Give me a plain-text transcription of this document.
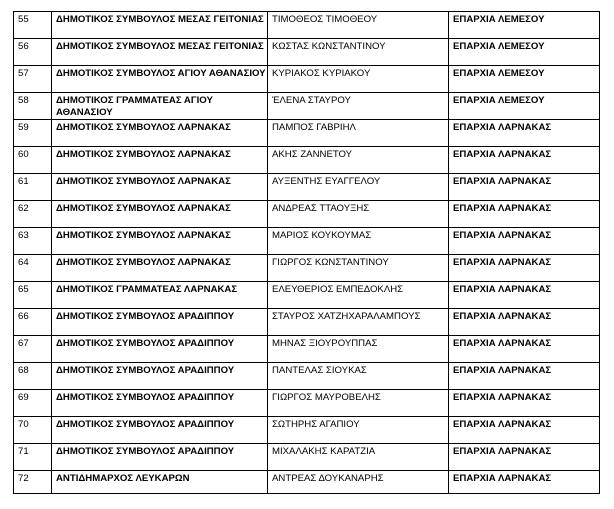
55	ΔΗΜΟΤΙΚΟΣ ΣΥΜΒΟΥΛΟΣ ΜΕΣΑΣ ΓΕΙΤΟΝΙΑΣ	ΤΙΜΟΘΕΟΣ ΤΙΜΟΘΕΟΥ	ΕΠΑΡΧΙΑ ΛΕΜΕΣΟΥ

56	ΔΗΜΟΤΙΚΟΣ ΣΥΜΒΟΥΛΟΣ ΜΕΣΑΣ ΓΕΙΤΟΝΙΑΣ	ΚΩΣΤΑΣ ΚΩΝΣΤΑΝΤΙΝΟΥ	ΕΠΑΡΧΙΑ ΛΕΜΕΣΟΥ

57	ΔΗΜΟΤΙΚΟΣ ΣΥΜΒΟΥΛΟΣ ΑΓΙΟΥ ΑΘΑΝΑΣΙΟΥ	ΚΥΡΙΑΚΟΣ ΚΥΡΙΑΚΟΥ	ΕΠΑΡΧΙΑ ΛΕΜΕΣΟΥ

58	ΔΗΜΟΤΙΚΟΣ ΓΡΑΜΜΑΤΕΑΣ ΑΓΙΟΥ ΑΘΑΝΑΣΙΟΥ	ΈΛΕΝΑ ΣΤΑΥΡΟΥ	ΕΠΑΡΧΙΑ ΛΕΜΕΣΟΥ

59	ΔΗΜΟΤΙΚΟΣ ΣΥΜΒΟΥΛΟΣ ΛΑΡΝΑΚΑΣ	ΠΑΜΠΟΣ ΓΑΒΡΙΗΛ	ΕΠΑΡΧΙΑ ΛΑΡΝΑΚΑΣ

60	ΔΗΜΟΤΙΚΟΣ ΣΥΜΒΟΥΛΟΣ ΛΑΡΝΑΚΑΣ	ΑΚΗΣ ΖΑΝΝΕΤΟΥ	ΕΠΑΡΧΙΑ ΛΑΡΝΑΚΑΣ

61	ΔΗΜΟΤΙΚΟΣ ΣΥΜΒΟΥΛΟΣ ΛΑΡΝΑΚΑΣ	ΑΥΞΕΝΤΗΣ ΕΥΑΓΓΕΛΟΥ	ΕΠΑΡΧΙΑ ΛΑΡΝΑΚΑΣ

62	ΔΗΜΟΤΙΚΟΣ ΣΥΜΒΟΥΛΟΣ ΛΑΡΝΑΚΑΣ	ΑΝΔΡΕΑΣ ΤΤΑΟΥΞΗΣ	ΕΠΑΡΧΙΑ ΛΑΡΝΑΚΑΣ

63	ΔΗΜΟΤΙΚΟΣ ΣΥΜΒΟΥΛΟΣ ΛΑΡΝΑΚΑΣ	ΜΑΡΙΟΣ ΚΟΥΚΟΥΜΑΣ	ΕΠΑΡΧΙΑ ΛΑΡΝΑΚΑΣ

64	ΔΗΜΟΤΙΚΟΣ ΣΥΜΒΟΥΛΟΣ ΛΑΡΝΑΚΑΣ	ΓΙΩΡΓΟΣ ΚΩΝΣΤΑΝΤΙΝΟΥ	ΕΠΑΡΧΙΑ ΛΑΡΝΑΚΑΣ

65	ΔΗΜΟΤΙΚΟΣ ΓΡΑΜΜΑΤΕΑΣ ΛΑΡΝΑΚΑΣ	ΕΛΕΥΘΕΡΙΟΣ ΕΜΠΕΔΟΚΛΗΣ	ΕΠΑΡΧΙΑ ΛΑΡΝΑΚΑΣ

66	ΔΗΜΟΤΙΚΟΣ ΣΥΜΒΟΥΛΟΣ ΑΡΑΔΙΠΠΟΥ	ΣΤΑΥΡΟΣ ΧΑΤΖΗΧΑΡΑΛΑΜΠΟΥΣ	ΕΠΑΡΧΙΑ ΛΑΡΝΑΚΑΣ

67	ΔΗΜΟΤΙΚΟΣ ΣΥΜΒΟΥΛΟΣ ΑΡΑΔΙΠΠΟΥ	ΜΗΝΑΣ ΞΙΟΥΡΟΥΠΠΑΣ	ΕΠΑΡΧΙΑ ΛΑΡΝΑΚΑΣ

68	ΔΗΜΟΤΙΚΟΣ ΣΥΜΒΟΥΛΟΣ ΑΡΑΔΙΠΠΟΥ	ΠΑΝΤΕΛΑΣ ΣΙΟΥΚΑΣ	ΕΠΑΡΧΙΑ ΛΑΡΝΑΚΑΣ

69	ΔΗΜΟΤΙΚΟΣ ΣΥΜΒΟΥΛΟΣ ΑΡΑΔΙΠΠΟΥ	ΓΙΩΡΓΟΣ ΜΑΥΡΟΒΕΛΗΣ	ΕΠΑΡΧΙΑ ΛΑΡΝΑΚΑΣ

70	ΔΗΜΟΤΙΚΟΣ ΣΥΜΒΟΥΛΟΣ ΑΡΑΔΙΠΠΟΥ	ΣΩΤΗΡΗΣ ΑΓΑΠΙΟΥ	ΕΠΑΡΧΙΑ ΛΑΡΝΑΚΑΣ

71	ΔΗΜΟΤΙΚΟΣ ΣΥΜΒΟΥΛΟΣ ΑΡΑΔΙΠΠΟΥ	ΜΙΧΑΛΑΚΗΣ ΚΑΡΑΤΖΙΑ	ΕΠΑΡΧΙΑ ΛΑΡΝΑΚΑΣ

72	ΑΝΤΙΔΗΜΑΡΧΟΣ ΛΕΥΚΑΡΩΝ	ΑΝΤΡΕΑΣ ΔΟΥΚΑΝΑΡΗΣ	ΕΠΑΡΧΙΑ ΛΑΡΝΑΚΑΣ
